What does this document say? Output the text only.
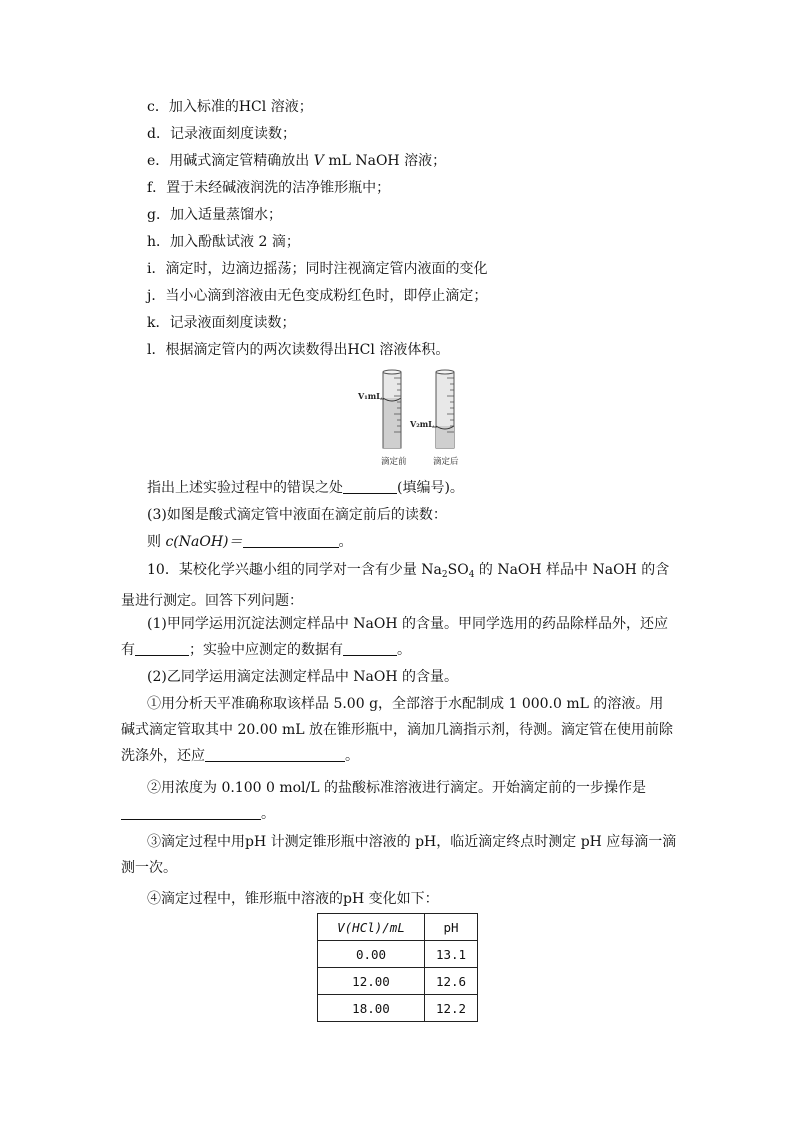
c．加入标准的HCl 溶液；
d．记录液面刻度读数；
e．用碱式滴定管精确放出 V mL NaOH 溶液；
f．置于未经碱液润洗的洁净锥形瓶中；
g．加入适量蒸馏水；
h．加入酚酞试液 2 滴；
i．滴定时，边滴边摇荡；同时注视滴定管内液面的变化
j．当小心滴到溶液由无色变成粉红色时，即停止滴定；
k．记录液面刻度读数；
l．根据滴定管内的两次读数得出HCl 溶液体积。
V₁mL
V₂mL
滴定前	滴定后
指出上述实验过程中的错误之处	(填编号)。
(3)如图是酸式滴定管中液面在滴定前后的读数：
则 c(NaOH)＝	。
10．某校化学兴趣小组的同学对一含有少量 $Na_2SO_4$ 的 NaOH 样品中 NaOH 的含量进行测定。回答下列问题：
(1)甲同学运用沉淀法测定样品中 NaOH 的含量。甲同学选用的药品除样品外，还应有	；实验中应测定的数据有	。
(2)乙同学运用滴定法测定样品中 NaOH 的含量。
①用分析天平准确称取该样品 5.00 g，全部溶于水配制成 1 000.0 mL 的溶液。用碱式滴定管取其中 20.00 mL 放在锥形瓶中，滴加几滴指示剂，待测。滴定管在使用前除洗涤外，还应	。
②用浓度为 0.100 0 mol/L 的盐酸标准溶液进行滴定。开始滴定前的一步操作是。
③滴定过程中用pH 计测定锥形瓶中溶液的 pH，临近滴定终点时测定 pH 应每滴一滴测一次。
④滴定过程中，锥形瓶中溶液的pH 变化如下：
V(HCl)/mL	pH
0.00	13.1
12.00	12.6
18.00	12.2
